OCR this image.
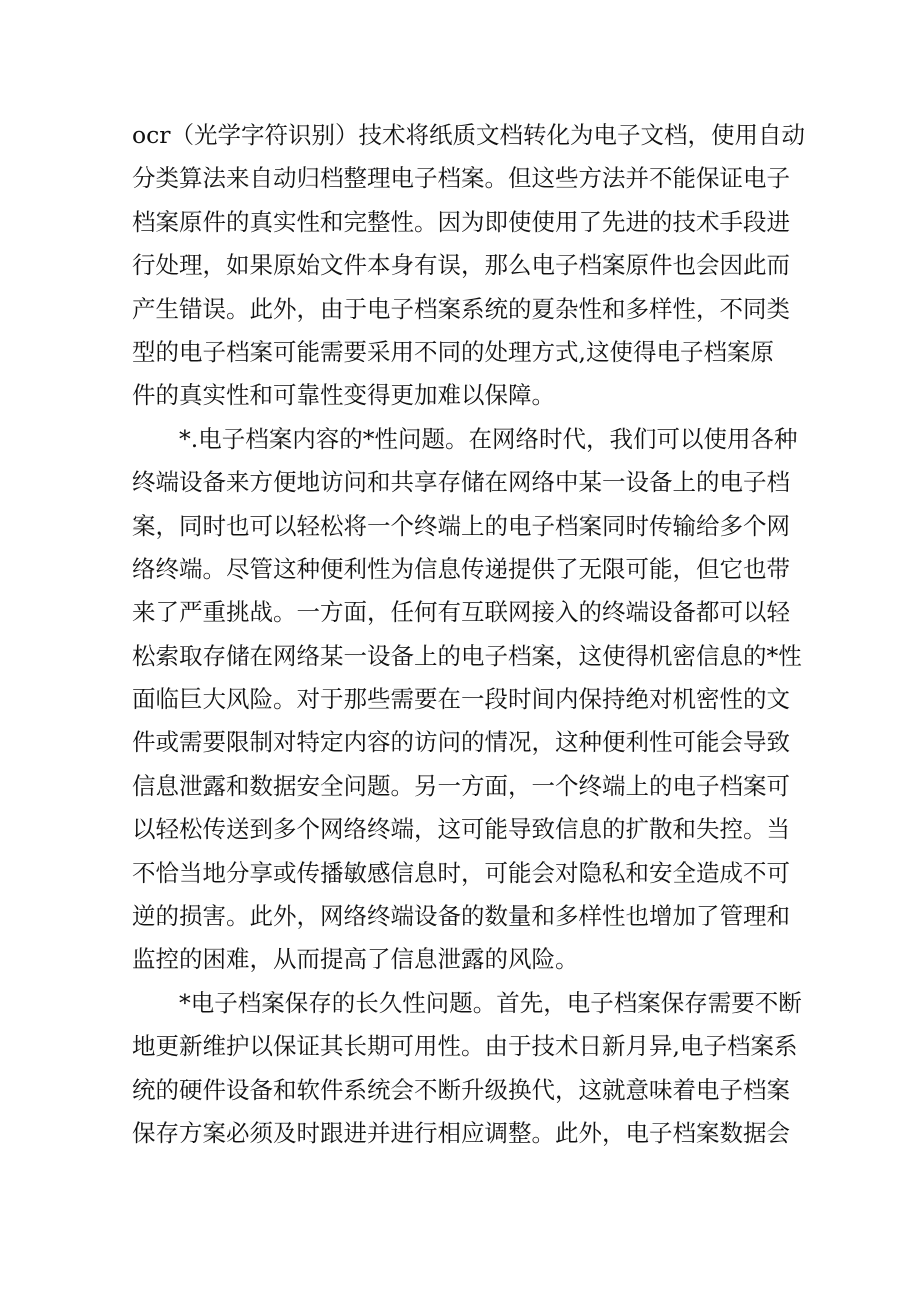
ocr（光学字符识别）技术将纸质文档转化为电子文档，使用自动
分类算法来自动归档整理电子档案。但这些方法并不能保证电子
档案原件的真实性和完整性。因为即使使用了先进的技术手段进
行处理，如果原始文件本身有误，那么电子档案原件也会因此而
产生错误。此外，由于电子档案系统的夏杂性和多样性，不同类
型的电子档案可能需要采用不同的处理方式,这使得电子档案原
件的真实性和可靠性变得更加难以保障。
*.电子档案内容的*性问题。在网络时代，我们可以使用各种
终端设备来方便地访问和共享存储在网络中某一设备上的电子档
案，同时也可以轻松将一个终端上的电子档案同时传输给多个网
络终端。尽管这种便利性为信息传递提供了无限可能，但它也带
来了严重挑战。一方面，任何有互联网接入的终端设备都可以轻
松索取存储在网络某一设备上的电子档案，这使得机密信息的*性
面临巨大风险。对于那些需要在一段时间内保持绝对机密性的文
件或需要限制对特定内容的访问的情况，这种便利性可能会导致
信息泄露和数据安全问题。另一方面，一个终端上的电子档案可
以轻松传送到多个网络终端，这可能导致信息的扩散和失控。当
不恰当地分享或传播敏感信息时，可能会对隐私和安全造成不可
逆的损害。此外，网络终端设备的数量和多样性也增加了管理和
监控的困难，从而提高了信息泄露的风险。
*电子档案保存的长久性问题。首先，电子档案保存需要不断
地更新维护以保证其长期可用性。由于技术日新月异,电子档案系
统的硬件设备和软件系统会不断升级换代，这就意味着电子档案
保存方案必须及时跟进并进行相应调整。此外，电子档案数据会
